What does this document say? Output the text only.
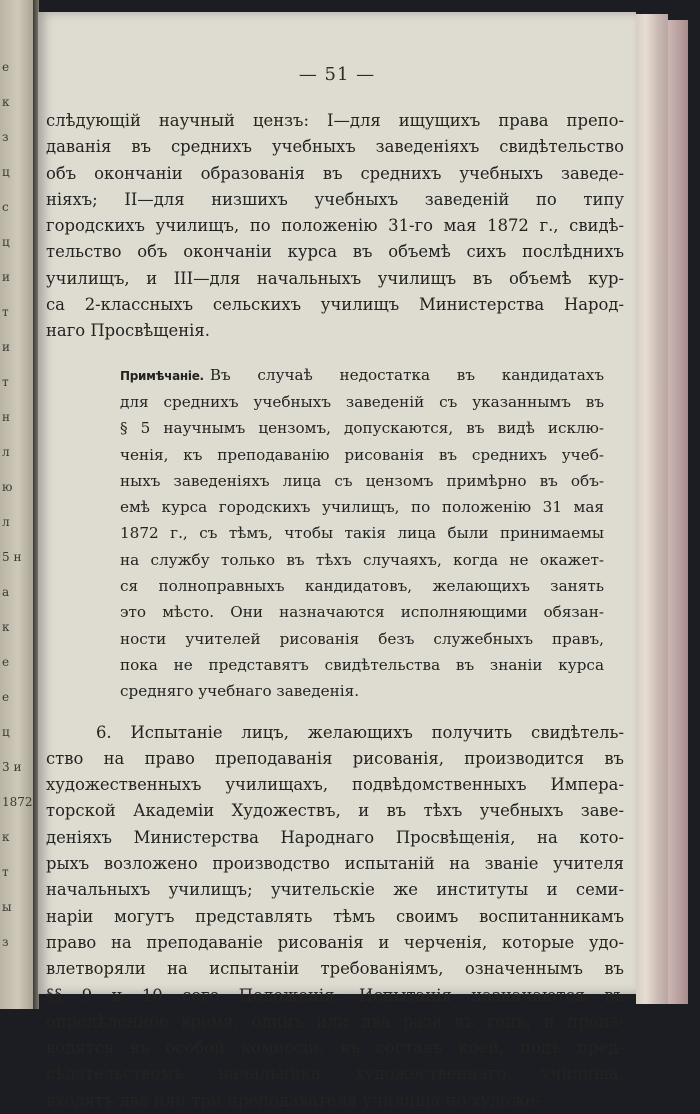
е
к
з
ц
с
ц
и
т
и
т
н
л
ю
л
5 н
а
к
е
е
ц
3 и
1872
к
т
ы
з
— 51 —
слѣдующій научный цензъ: I—для ищущихъ права препо-
даванія въ среднихъ учебныхъ заведеніяхъ свидѣтельство
объ окончаніи образованія въ среднихъ учебныхъ заведе-
ніяхъ; II—для низшихъ учебныхъ заведеній по типу
городскихъ училищъ, по положенію 31-го мая 1872 г., свидѣ-
тельство объ окончаніи курса въ объемѣ сихъ послѣднихъ
училищъ, и III—для начальныхъ училищъ въ объемѣ кур-
са 2-классныхъ сельскихъ училищъ Министерства Народ-
наго Просвѣщенія.
Примѣчаніе. Въ случаѣ недостатка въ кандидатахъ
для среднихъ учебныхъ заведеній съ указаннымъ въ
§ 5 научнымъ цензомъ, допускаются, въ видѣ исклю-
ченія, къ преподаванію рисованія въ среднихъ учеб-
ныхъ заведеніяхъ лица съ цензомъ примѣрно въ объ-
емѣ курса городскихъ училищъ, по положенію 31 мая
1872 г., съ тѣмъ, чтобы такія лица были принимаемы
на службу только въ тѣхъ случаяхъ, когда не окажет-
ся полноправныхъ кандидатовъ, желающихъ занять
это мѣсто. Они назначаются исполняющими обязан-
ности учителей рисованія безъ служебныхъ правъ,
пока не представятъ свидѣтельства въ знаніи курса
средняго учебнаго заведенія.
6. Испытаніе лицъ, желающихъ получить свидѣтель-
ство на право преподаванія рисованія, производится въ
художественныхъ училищахъ, подвѣдомственныхъ Импера-
торской Академіи Художествъ, и въ тѣхъ учебныхъ заве-
деніяхъ Министерства Народнаго Просвѣщенія, на кото-
рыхъ возложено производство испытаній на званіе учителя
начальныхъ училищъ; учительскіе же институты и семи-
наріи могутъ представлять тѣмъ своимъ воспитанникамъ
право на преподаваніе рисованія и черченія, которые удо-
влетворяли на испытаніи требованіямъ, означеннымъ въ
§§ 9 и 10 сего Положенія. Испытанія назначаются въ
опредѣленное время, одинъ или два раза въ годъ, и произ-
водятся въ особой комиссіи, въ составъ коей, подъ пред-
сѣдательствомъ начальника художественнаго училища,
входятъ два или три преподавателя училища по художе-
